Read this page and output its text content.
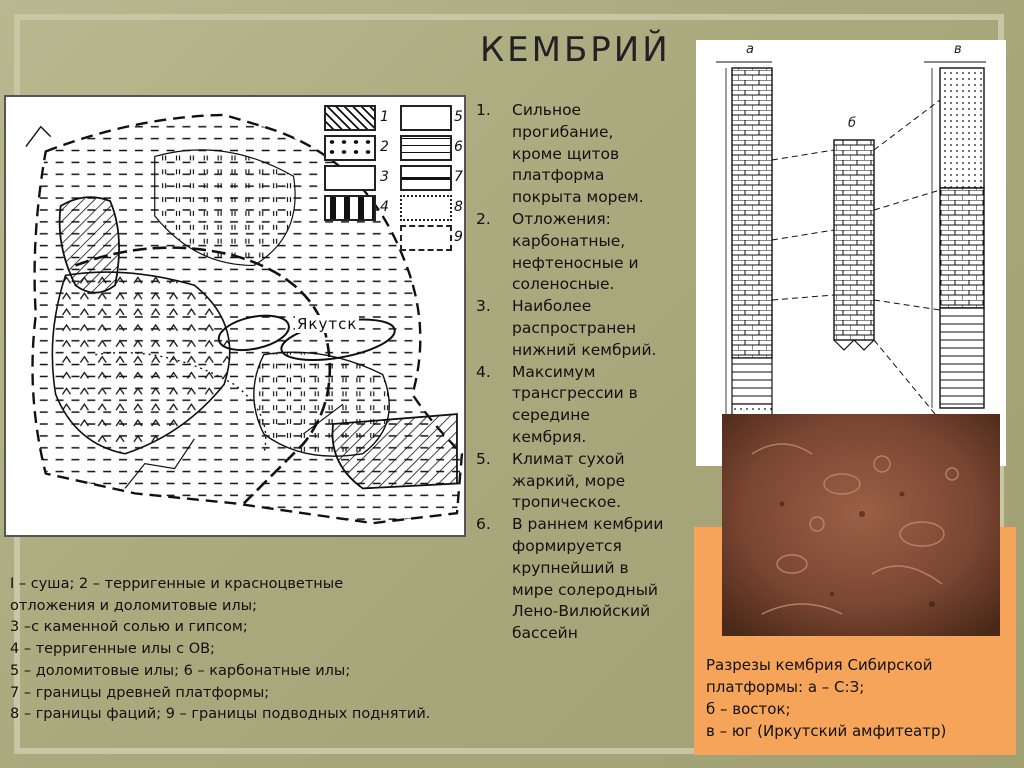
КЕМБРИЙ
1	5
2	6
3	7
4	8
9
Якутск
I – суша; 2 – терригенные и красноцветные
отложения и доломитовые илы;
3 –с каменной солью и гипсом;
4 – терригенные илы с ОВ;
5 – доломитовые илы; 6 – карбонатные илы;
7 – границы древней платформы;
8 – границы фаций; 9 – границы подводных поднятий.
1. Сильное
прогибание,
кроме щитов
платформа
покрыта морем.
2. Отложения:
карбонатные,
нефтеносные и
соленосные.
3. Наиболее
распространен
нижний кембрий.
4. Максимум
трансгрессии в
середине
кембрия.
5. Климат сухой
жаркий, море
тропическое.
6. В раннем кембрии
формируется
крупнейший в
мире солеродный
Лено-Вилюйский
бассейн
а
б
в
Разрезы кембрия Сибирской
платформы: а – С:З;
б – восток;
в – юг (Иркутский амфитеатр)
